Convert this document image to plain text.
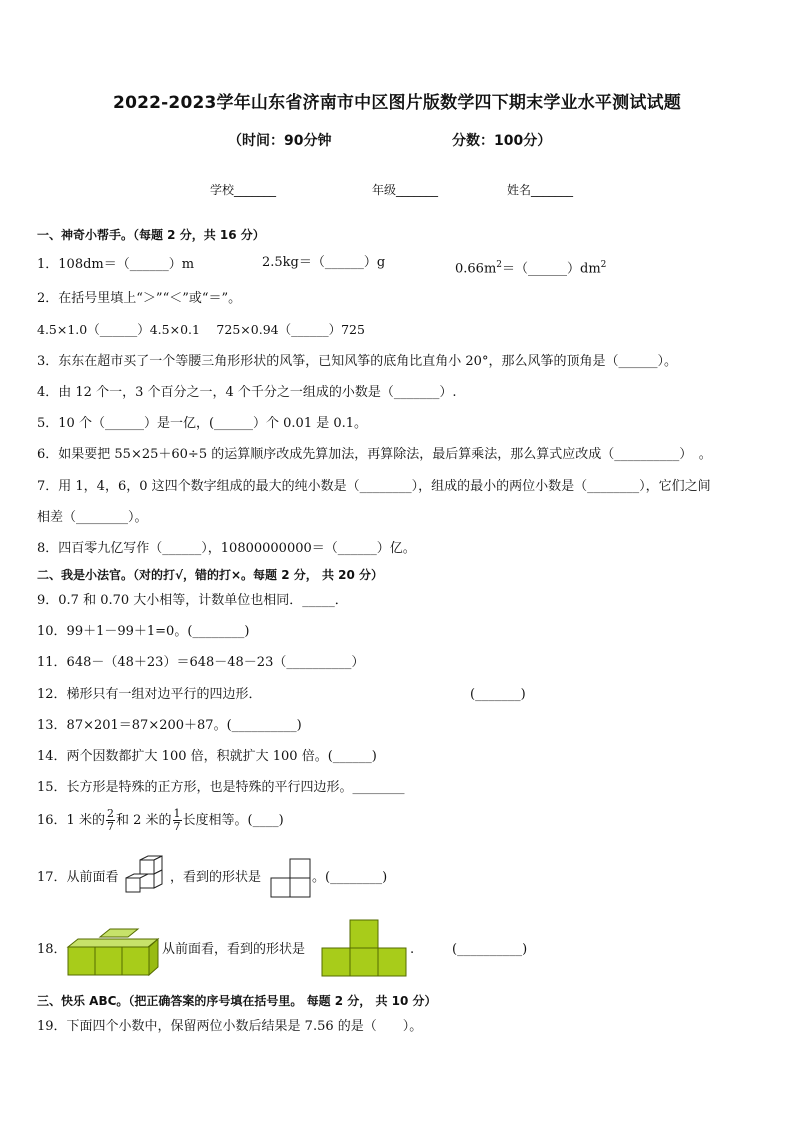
2022-2023学年山东省济南市中区图片版数学四下期末学业水平测试试题
（时间：90分钟	分数：100分）
学校_______	年级_______	姓名_______
一、神奇小帮手。（每题 2 分，共 16 分）
1．108dm＝（______）m	2.5kg＝（______）g	$0.66m^2=(\_\_\_\_\_\_)dm^2$
2．在括号里填上“＞”“＜”或“＝”。
4.5×1.0（______）4.5×0.1　 725×0.94（______）725
3．东东在超市买了一个等腰三角形形状的风筝，已知风筝的底角比直角小 20°，那么风筝的顶角是（______）。
4．由 12 个一，3 个百分之一，4 个千分之一组成的小数是（_______）.
5．10 个（______）是一亿，(______）个 0.01 是 0.1。
6．如果要把 55×25＋60÷5 的运算顺序改成先算加法，再算除法，最后算乘法，那么算式应改成（__________）　。
7．用 1，4，6，0 这四个数字组成的最大的纯小数是（________），组成的最小的两位小数是（________），它们之间
相差（________）。
8．四百零九亿写作（______），10800000000＝（______）亿。
二、我是小法官。（对的打√，错的打×。每题 2 分， 共 20 分）
9．0.7 和 0.70 大小相等，计数单位也相同．_____．
10．99＋1－99＋1=0。(________)
11．648－（48＋23）＝648－48－23（__________）
12．梯形只有一组对边平行的四边形．	(_______)
13．87×201＝87×200＋87。(__________)
14．两个因数都扩大 100 倍，积就扩大 100 倍。(______)
15．长方形是特殊的正方形，也是特殊的平行四边形。________
16．1 米的 $\frac{2}{7}$ 和 2 米的 $\frac{1}{7}$ 长度相等。(____)
17．从前面看	，看到的形状是	。(________)
18．	从前面看，看到的形状是	.	(__________)
三、快乐 ABC。（把正确答案的序号填在括号里。 每题 2 分， 共 10 分）
19．下面四个小数中，保留两位小数后结果是 7.56 的是（　　）。
